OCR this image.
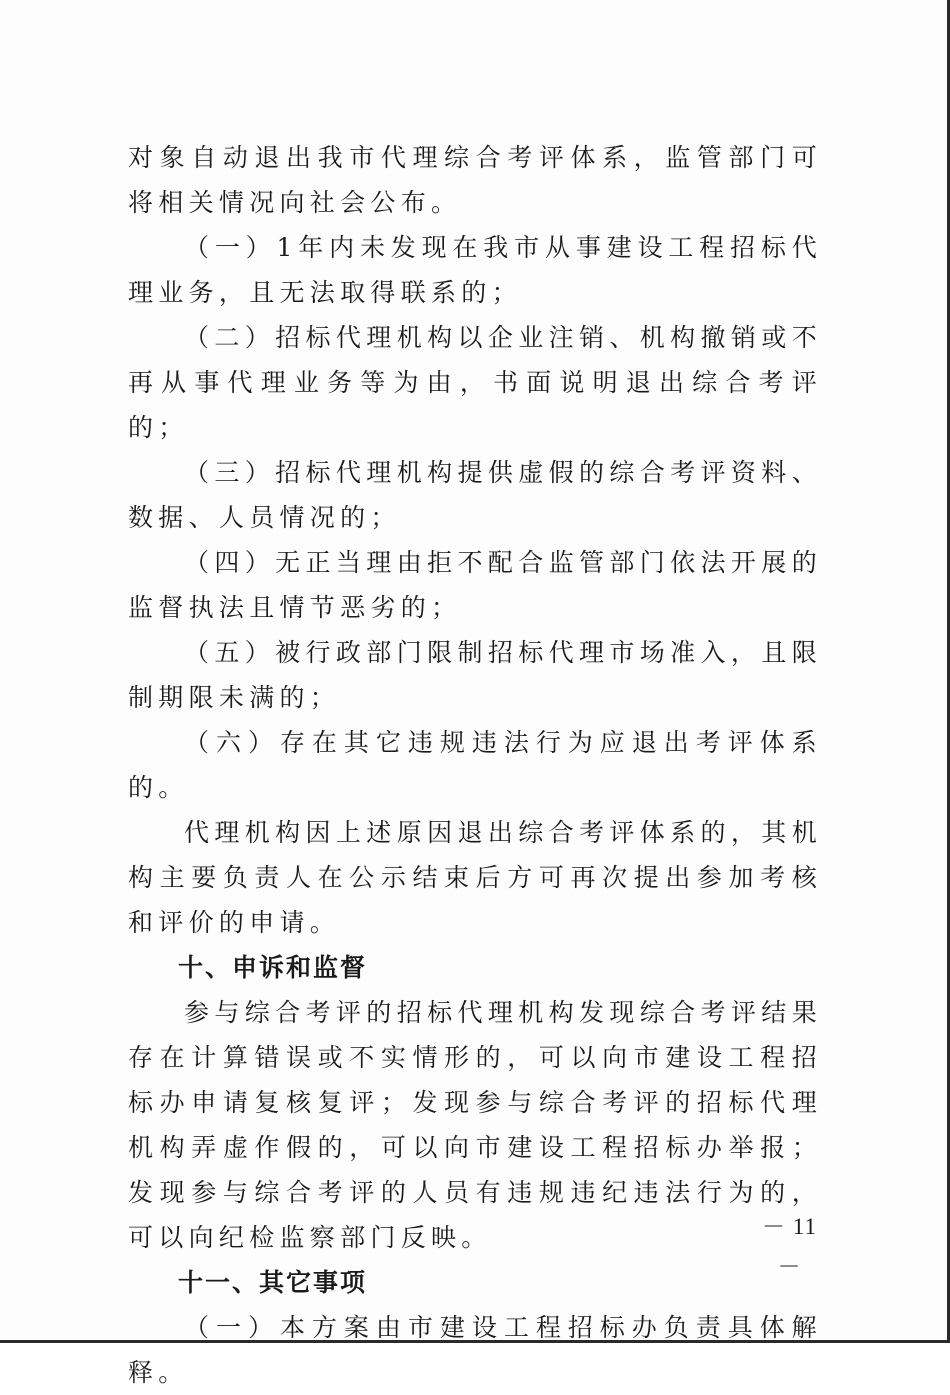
对象自动退出我市代理综合考评体系，监管部门可将相关情况向社会公布。

（一）1年内未发现在我市从事建设工程招标代理业务，且无法取得联系的；

（二）招标代理机构以企业注销、机构撤销或不再从事代理业务等为由，书面说明退出综合考评的；

（三）招标代理机构提供虚假的综合考评资料、数据、人员情况的；

（四）无正当理由拒不配合监管部门依法开展的监督执法且情节恶劣的；

（五）被行政部门限制招标代理市场准入，且限制期限未满的；

（六）存在其它违规违法行为应退出考评体系的。

代理机构因上述原因退出综合考评体系的，其机构主要负责人在公示结束后方可再次提出参加考核和评价的申请。

十、申诉和监督

参与综合考评的招标代理机构发现综合考评结果存在计算错误或不实情形的，可以向市建设工程招标办申请复核复评；发现参与综合考评的招标代理机构弄虚作假的，可以向市建设工程招标办举报；发现参与综合考评的人员有违规违纪违法行为的，可以向纪检监察部门反映。

十一、其它事项

（一）本方案由市建设工程招标办负责具体解释。

－ 11 －
